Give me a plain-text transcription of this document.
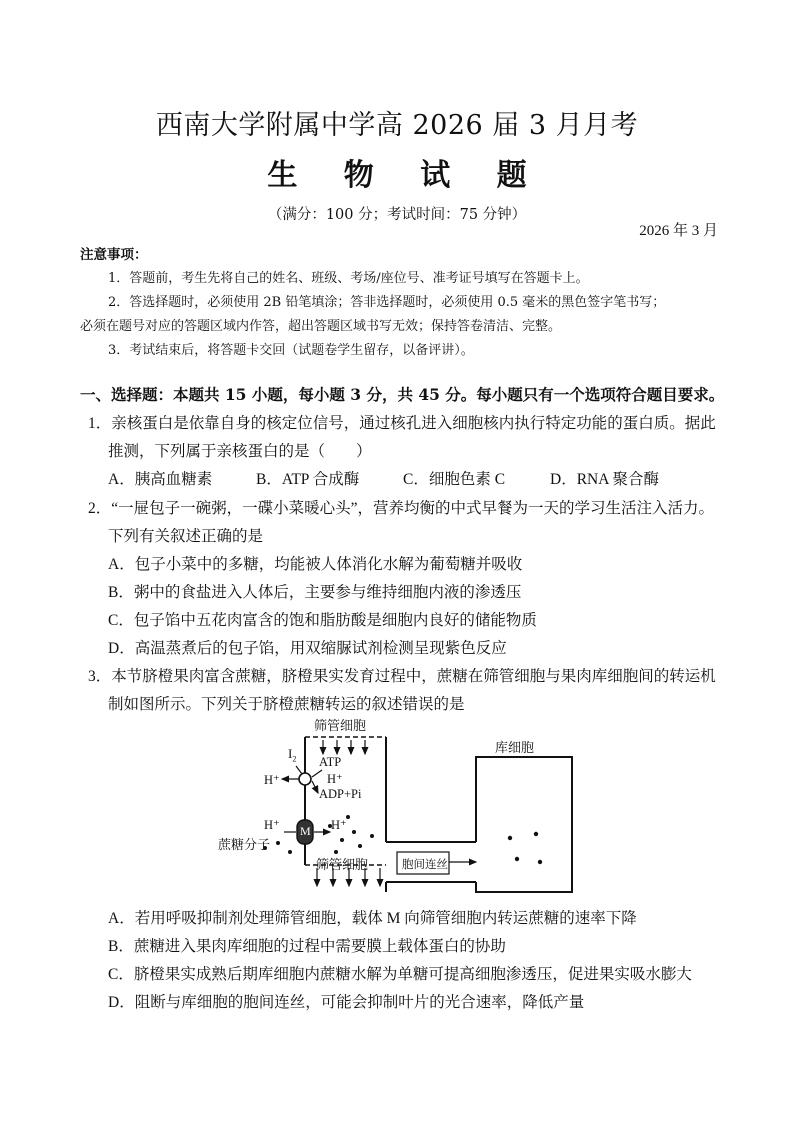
西南大学附属中学高 2026 届 3 月月考
生 物 试 题
（满分：100 分；考试时间：75 分钟）
2026 年 3 月
注意事项：
1．答题前，考生先将自己的姓名、班级、考场/座位号、准考证号填写在答题卡上。
2．答选择题时，必须使用 2B 铅笔填涂；答非选择题时，必须使用 0.5 毫米的黑色签字笔书写；
必须在题号对应的答题区域内作答，超出答题区域书写无效；保持答卷清洁、完整。
3．考试结束后，将答题卡交回（试题卷学生留存，以备评讲）。
一、选择题：本题共 15 小题，每小题 3 分，共 45 分。每小题只有一个选项符合题目要求。
1．亲核蛋白是依靠自身的核定位信号，通过核孔进入细胞核内执行特定功能的蛋白质。据此
推测，下列属于亲核蛋白的是（　　）
A．胰高血糖素	B．ATP 合成酶	C．细胞色素 C	D．RNA 聚合酶
2．“一屉包子一碗粥，一碟小菜暖心头”，营养均衡的中式早餐为一天的学习生活注入活力。
下列有关叙述正确的是
A．包子小菜中的多糖，均能被人体消化水解为葡萄糖并吸收
B．粥中的食盐进入人体后，主要参与维持细胞内液的渗透压
C．包子馅中五花肉富含的饱和脂肪酸是细胞内良好的储能物质
D．高温蒸煮后的包子馅，用双缩脲试剂检测呈现紫色反应
3．本节脐橙果肉富含蔗糖，脐橙果实发育过程中，蔗糖在筛管细胞与果肉库细胞间的转运机
制如图所示。下列关于脐橙蔗糖转运的叙述错误的是
筛管细胞
库细胞
$I_2$ ATP
H⁺	H⁺
ADP+Pi
H⁺	H⁺
M
蔗糖分子
筛管细胞	胞间连丝
A．若用呼吸抑制剂处理筛管细胞，载体 M 向筛管细胞内转运蔗糖的速率下降
B．蔗糖进入果肉库细胞的过程中需要膜上载体蛋白的协助
C．脐橙果实成熟后期库细胞内蔗糖水解为单糖可提高细胞渗透压，促进果实吸水膨大
D．阻断与库细胞的胞间连丝，可能会抑制叶片的光合速率，降低产量
